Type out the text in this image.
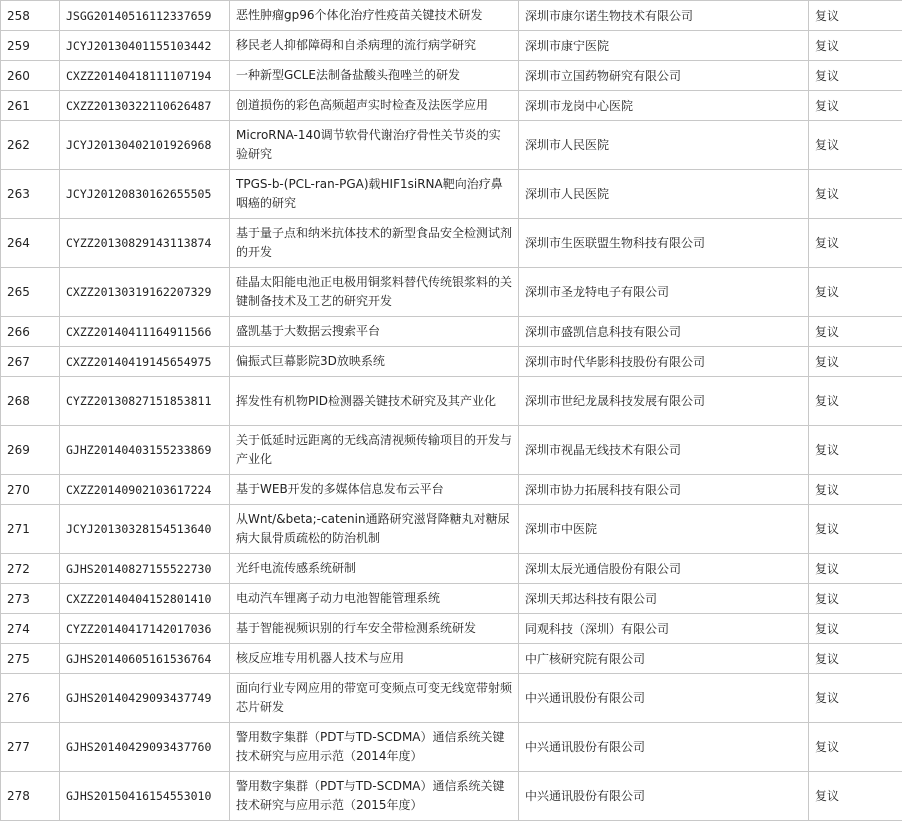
258	JSGG20140516112337659	恶性肿瘤gp96个体化治疗性疫苗关键技术研发	深圳市康尔诺生物技术有限公司	复议
259	JCYJ20130401155103442	移民老人抑郁障碍和自杀病理的流行病学研究	深圳市康宁医院	复议
260	CXZZ20140418111107194	一种新型GCLE法制备盐酸头孢唑兰的研发	深圳市立国药物研究有限公司	复议
261	CXZZ20130322110626487	创道损伤的彩色高频超声实时检查及法医学应用	深圳市龙岗中心医院	复议
262	JCYJ20130402101926968	MicroRNA-140调节软骨代谢治疗骨性关节炎的实验研究	深圳市人民医院	复议
263	JCYJ20120830162655505	TPGS-b-(PCL-ran-PGA)载HIF1siRNA靶向治疗鼻咽癌的研究	深圳市人民医院	复议
264	CYZZ20130829143113874	基于量子点和纳米抗体技术的新型食品安全检测试剂的开发	深圳市生医联盟生物科技有限公司	复议
265	CXZZ20130319162207329	硅晶太阳能电池正电极用铜浆料替代传统银浆料的关键制备技术及工艺的研究开发	深圳市圣龙特电子有限公司	复议
266	CXZZ20140411164911566	盛凯基于大数据云搜索平台	深圳市盛凯信息科技有限公司	复议
267	CXZZ20140419145654975	偏振式巨幕影院3D放映系统	深圳市时代华影科技股份有限公司	复议
268	CYZZ20130827151853811	挥发性有机物PID检测器关键技术研究及其产业化	深圳市世纪龙晟科技发展有限公司	复议
269	GJHZ20140403155233869	关于低延时远距离的无线高清视频传输项目的开发与产业化	深圳市视晶无线技术有限公司	复议
270	CXZZ20140902103617224	基于WEB开发的多媒体信息发布云平台	深圳市协力拓展科技有限公司	复议
271	JCYJ20130328154513640	从Wnt/&beta;-catenin通路研究滋肾降糖丸对糖尿病大鼠骨质疏松的防治机制	深圳市中医院	复议
272	GJHS20140827155522730	光纤电流传感系统研制	深圳太辰光通信股份有限公司	复议
273	CXZZ20140404152801410	电动汽车锂离子动力电池智能管理系统	深圳天邦达科技有限公司	复议
274	CYZZ20140417142017036	基于智能视频识别的行车安全带检测系统研发	同观科技（深圳）有限公司	复议
275	GJHS20140605161536764	核反应堆专用机器人技术与应用	中广核研究院有限公司	复议
276	GJHS20140429093437749	面向行业专网应用的带宽可变频点可变无线宽带射频芯片研发	中兴通讯股份有限公司	复议
277	GJHS20140429093437760	警用数字集群（PDT与TD-SCDMA）通信系统关键技术研究与应用示范（2014年度）	中兴通讯股份有限公司	复议
278	GJHS20150416154553010	警用数字集群（PDT与TD-SCDMA）通信系统关键技术研究与应用示范（2015年度）	中兴通讯股份有限公司	复议
